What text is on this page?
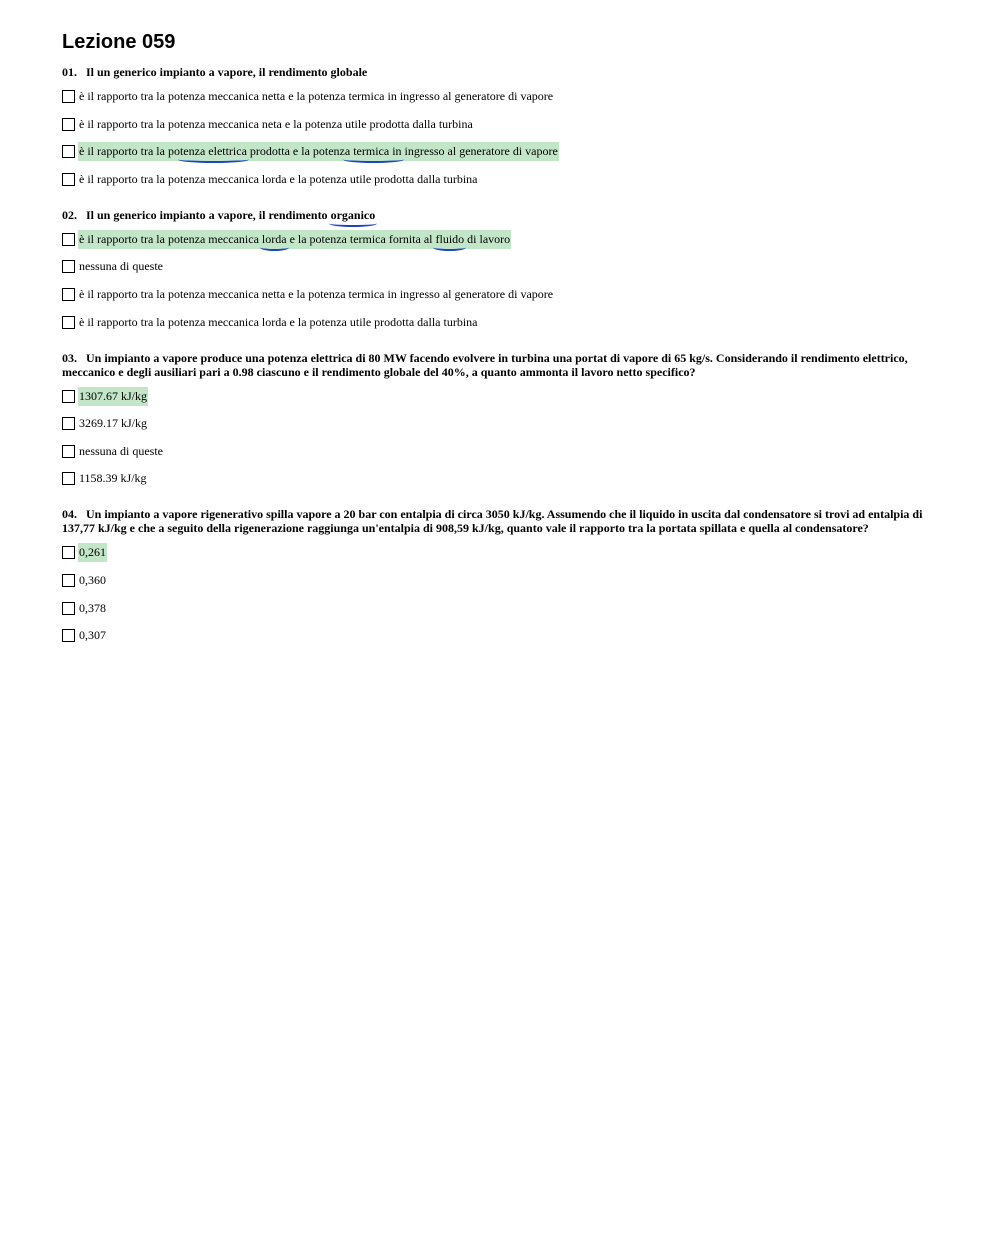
Lezione 059

01. Il un generico impianto a vapore, il rendimento globale

è il rapporto tra la potenza meccanica netta e la potenza termica in ingresso al generatore di vapore
è il rapporto tra la potenza meccanica neta e la potenza utile prodotta dalla turbina
è il rapporto tra la potenza elettrica prodotta e la potenza termica in ingresso al generatore di vapore
è il rapporto tra la potenza meccanica lorda e la potenza utile prodotta dalla turbina

02. Il un generico impianto a vapore, il rendimento organico

è il rapporto tra la potenza meccanica lorda e la potenza termica fornita al fluido di lavoro
nessuna di queste
è il rapporto tra la potenza meccanica netta e la potenza termica in ingresso al generatore di vapore
è il rapporto tra la potenza meccanica lorda e la potenza utile prodotta dalla turbina

03. Un impianto a vapore produce una potenza elettrica di 80 MW facendo evolvere in turbina una portat di vapore di 65 kg/s. Considerando il rendimento elettrico, meccanico e degli ausiliari pari a 0.98 ciascuno e il rendimento globale del 40%, a quanto ammonta il lavoro netto specifico?

1307.67 kJ/kg
3269.17 kJ/kg
nessuna di queste
1158.39 kJ/kg

04. Un impianto a vapore rigenerativo spilla vapore a 20 bar con entalpia di circa 3050 kJ/kg. Assumendo che il liquido in uscita dal condensatore si trovi ad entalpia di 137,77 kJ/kg e che a seguito della rigenerazione raggiunga un'entalpia di 908,59 kJ/kg, quanto vale il rapporto tra la portata spillata e quella al condensatore?

0,261
0,360
0,378
0,307
